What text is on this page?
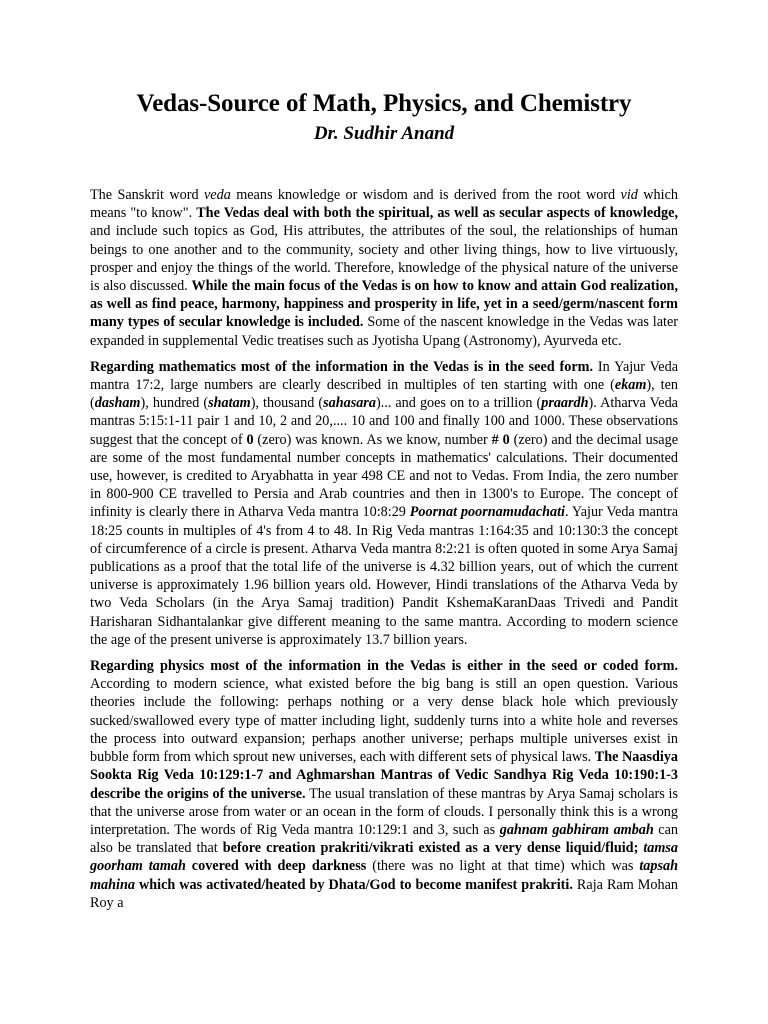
Vedas-Source of Math, Physics, and Chemistry
Dr. Sudhir Anand

The Sanskrit word veda means knowledge or wisdom and is derived from the root word vid which means "to know". The Vedas deal with both the spiritual, as well as secular aspects of knowledge, and include such topics as God, His attributes, the attributes of the soul, the relationships of human beings to one another and to the community, society and other living things, how to live virtuously, prosper and enjoy the things of the world. Therefore, knowledge of the physical nature of the universe is also discussed. While the main focus of the Vedas is on how to know and attain God realization, as well as find peace, harmony, happiness and prosperity in life, yet in a seed/germ/nascent form many types of secular knowledge is included. Some of the nascent knowledge in the Vedas was later expanded in supplemental Vedic treatises such as Jyotisha Upang (Astronomy), Ayurveda etc.

Regarding mathematics most of the information in the Vedas is in the seed form. In Yajur Veda mantra 17:2, large numbers are clearly described in multiples of ten starting with one (ekam), ten (dasham), hundred (shatam), thousand (sahasara)... and goes on to a trillion (praardh). Atharva Veda mantras 5:15:1-11 pair 1 and 10, 2 and 20,.... 10 and 100 and finally 100 and 1000. These observations suggest that the concept of 0 (zero) was known. As we know, number # 0 (zero) and the decimal usage are some of the most fundamental number concepts in mathematics' calculations. Their documented use, however, is credited to Aryabhatta in year 498 CE and not to Vedas. From India, the zero number in 800-900 CE travelled to Persia and Arab countries and then in 1300's to Europe. The concept of infinity is clearly there in Atharva Veda mantra 10:8:29 Poornat poornamudachati. Yajur Veda mantra 18:25 counts in multiples of 4's from 4 to 48. In Rig Veda mantras 1:164:35 and 10:130:3 the concept of circumference of a circle is present. Atharva Veda mantra 8:2:21 is often quoted in some Arya Samaj publications as a proof that the total life of the universe is 4.32 billion years, out of which the current universe is approximately 1.96 billion years old. However, Hindi translations of the Atharva Veda by two Veda Scholars (in the Arya Samaj tradition) Pandit KshemaKaranDaas Trivedi and Pandit Harisharan Sidhantalankar give different meaning to the same mantra. According to modern science the age of the present universe is approximately 13.7 billion years.

Regarding physics most of the information in the Vedas is either in the seed or coded form. According to modern science, what existed before the big bang is still an open question. Various theories include the following: perhaps nothing or a very dense black hole which previously sucked/swallowed every type of matter including light, suddenly turns into a white hole and reverses the process into outward expansion; perhaps another universe; perhaps multiple universes exist in bubble form from which sprout new universes, each with different sets of physical laws. The Naasdiya Sookta Rig Veda 10:129:1-7 and Aghmarshan Mantras of Vedic Sandhya Rig Veda 10:190:1-3 describe the origins of the universe. The usual translation of these mantras by Arya Samaj scholars is that the universe arose from water or an ocean in the form of clouds. I personally think this is a wrong interpretation. The words of Rig Veda mantra 10:129:1 and 3, such as gahnam gabhiram ambah can also be translated that before creation prakriti/vikrati existed as a very dense liquid/fluid; tamsa goorham tamah covered with deep darkness (there was no light at that time) which was tapsah mahina which was activated/heated by Dhata/God to become manifest prakriti. Raja Ram Mohan Roy a
